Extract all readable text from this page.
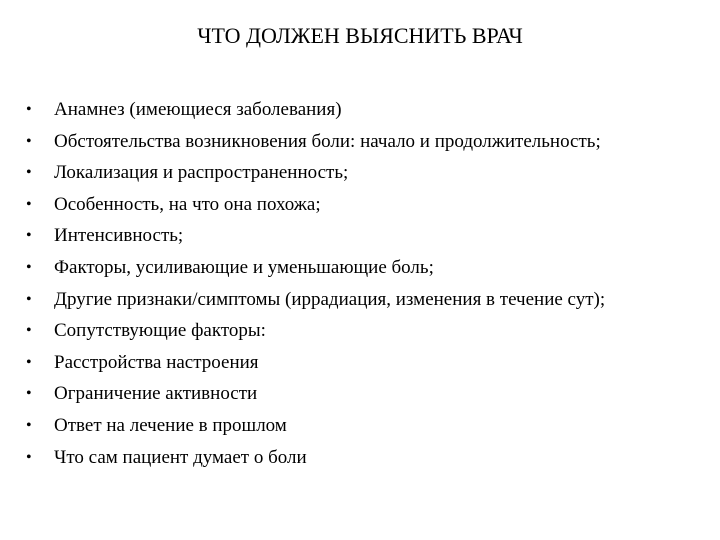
ЧТО ДОЛЖЕН ВЫЯСНИТЬ ВРАЧ
•	Анамнез (имеющиеся заболевания)
•	Обстоятельства возникновения боли: начало и продолжительность;
•	Локализация и распространенность;
•	Особенность, на что она похожа;
•	Интенсивность;
•	Факторы, усиливающие и уменьшающие боль;
•	Другие признаки/симптомы (иррадиация, изменения в течение сут);
•	Сопутствующие факторы:
•	Расстройства настроения
•	Ограничение активности
•	Ответ на лечение в прошлом
•	Что сам пациент думает о боли
